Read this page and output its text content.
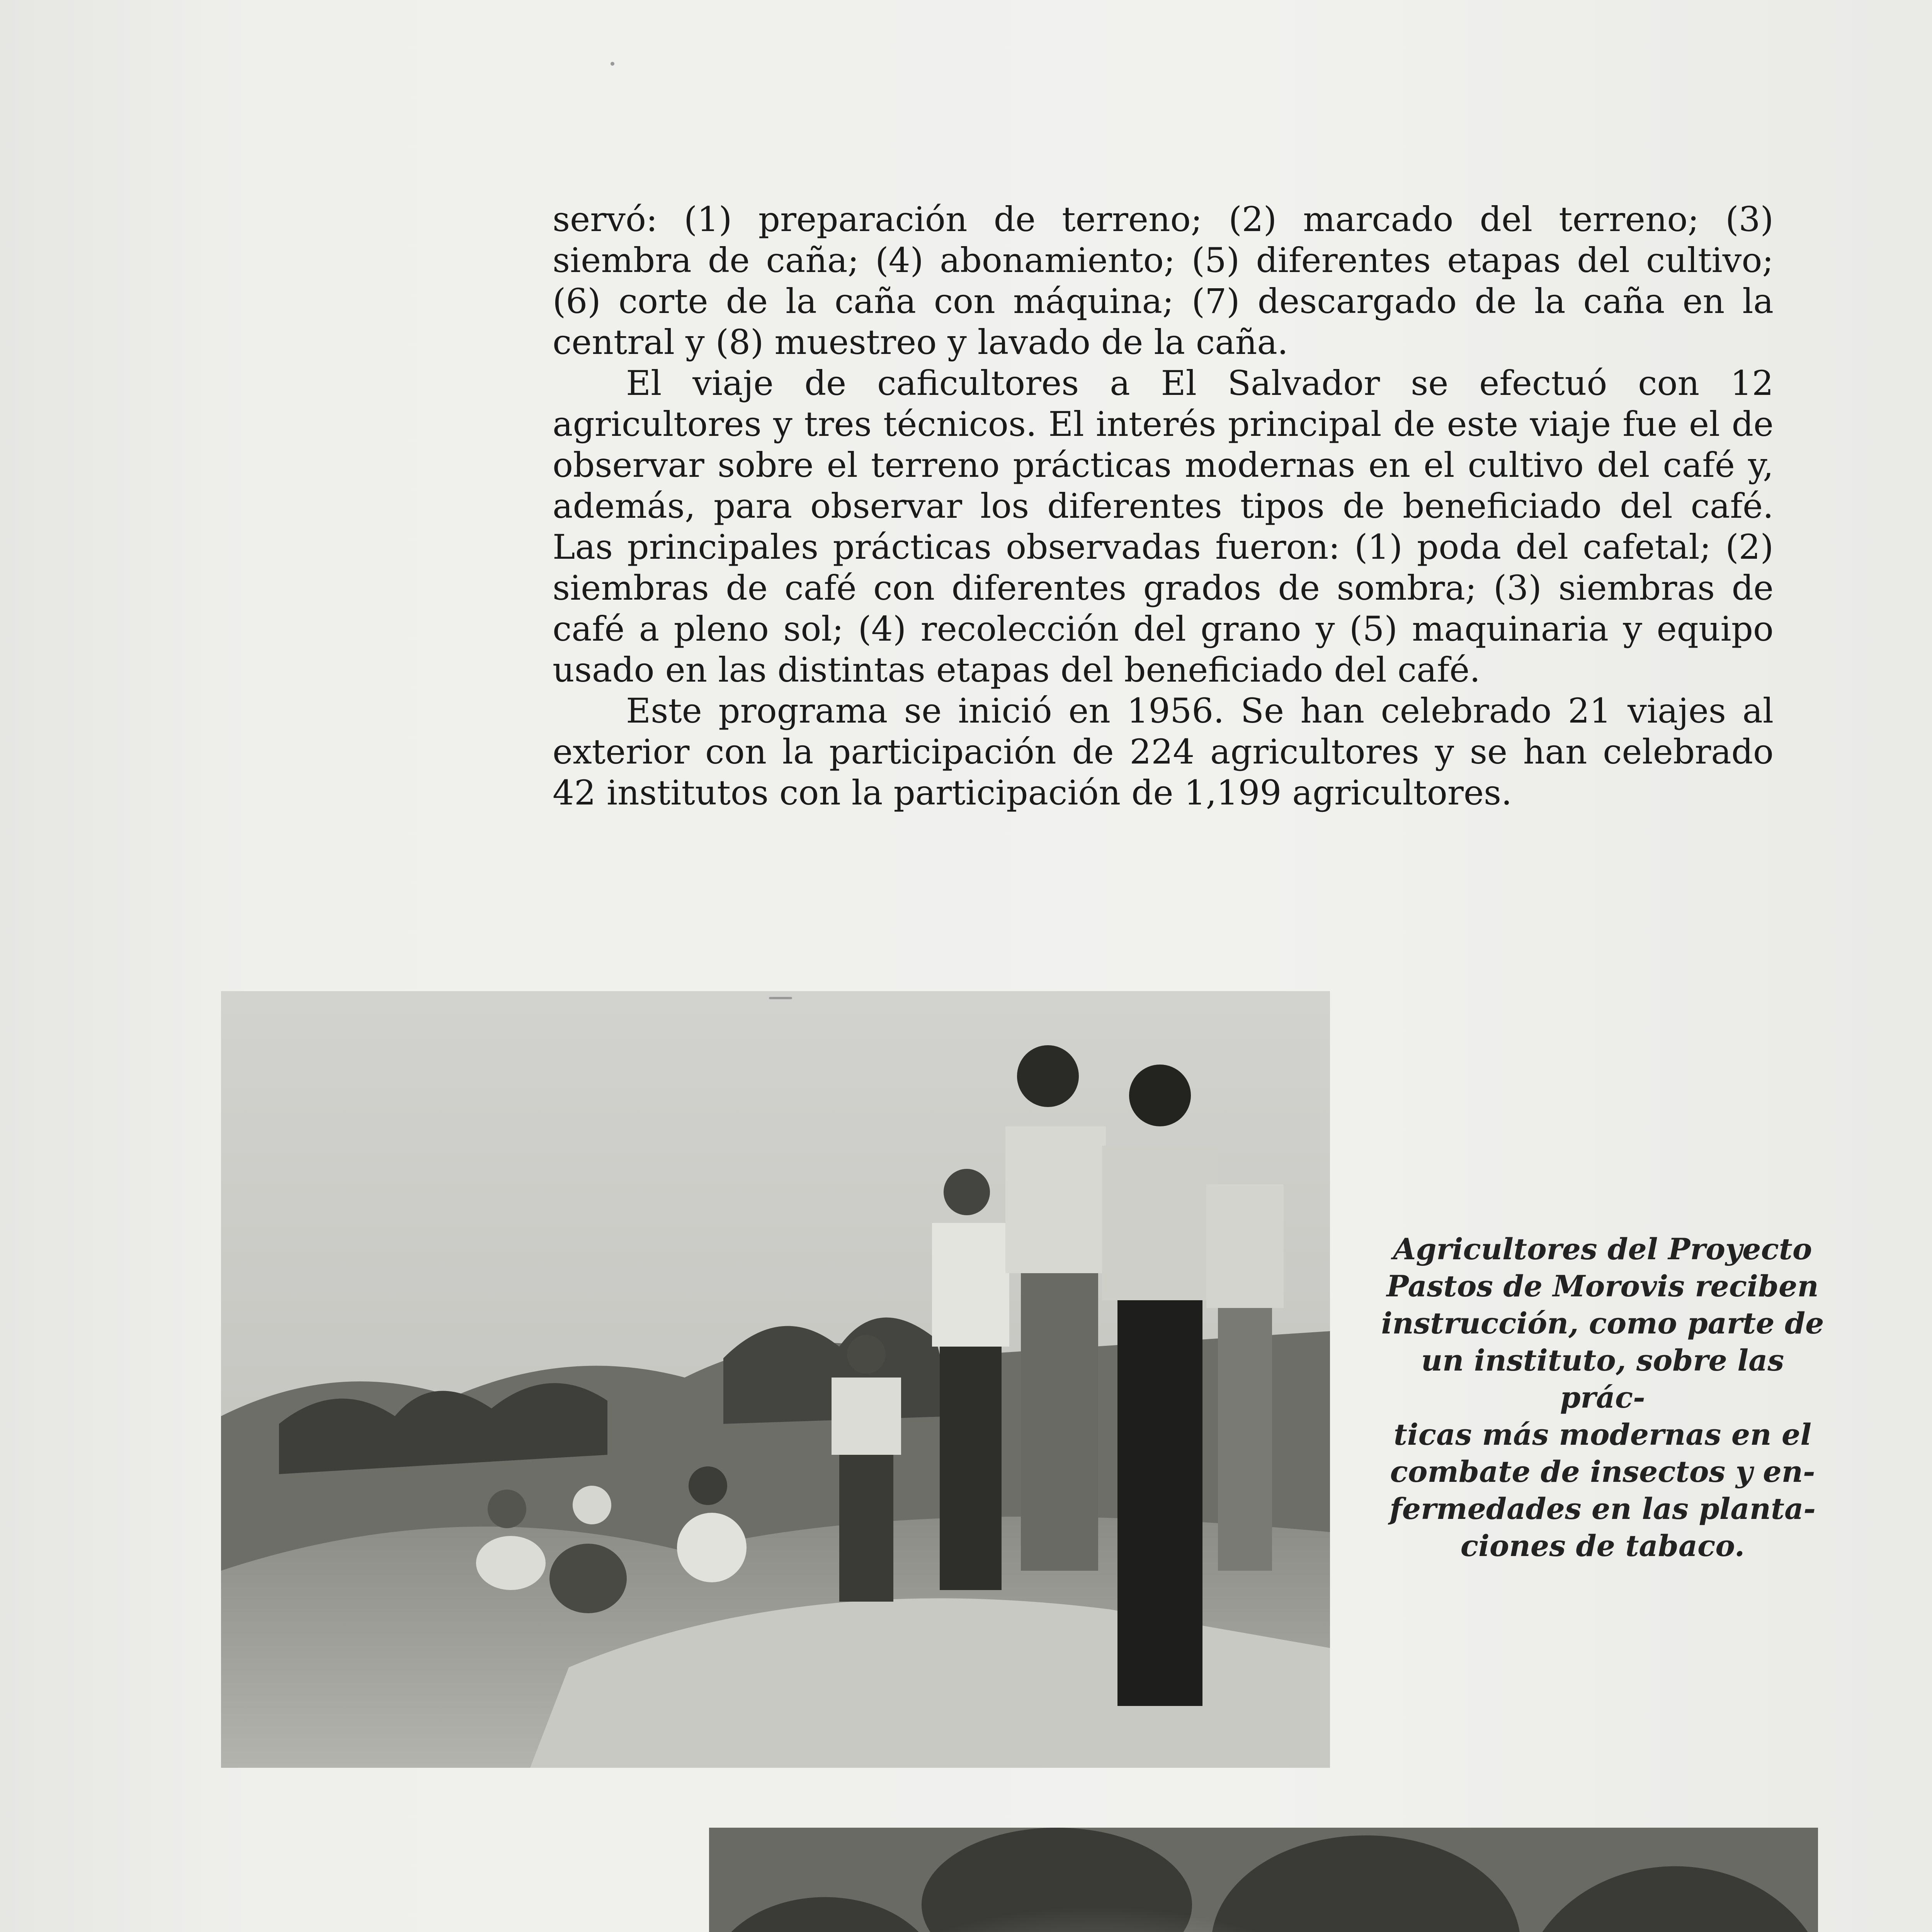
servó: (1) preparación de terreno; (2) marcado del terreno; (3) siembra de caña; (4) abonamiento; (5) diferentes etapas del cultivo; (6) corte de la caña con máquina; (7) descargado de la caña en la central y (8) muestreo y lavado de la caña.

El viaje de caficultores a El Salvador se efectuó con 12 agricultores y tres técnicos. El interés principal de este viaje fue el de observar sobre el terreno prácticas modernas en el cultivo del café y, además, para observar los diferentes tipos de beneficiado del café. Las principales prácticas observadas fueron: (1) poda del cafetal; (2) siembras de café con diferentes grados de sombra; (3) siembras de café a pleno sol; (4) recolección del grano y (5) maquinaria y equipo usado en las distintas etapas del beneficiado del café.

Este programa se inició en 1956. Se han celebrado 21 viajes al exterior con la participación de 224 agricultores y se han celebrado 42 institutos con la participación de 1,199 agricultores.

Agricultores del Proyecto
Pastos de Morovis reciben
instrucción, como parte de
un instituto, sobre las prác-
ticas más modernas en el
combate de insectos y en-
fermedades en las planta-
ciones de tabaco.
